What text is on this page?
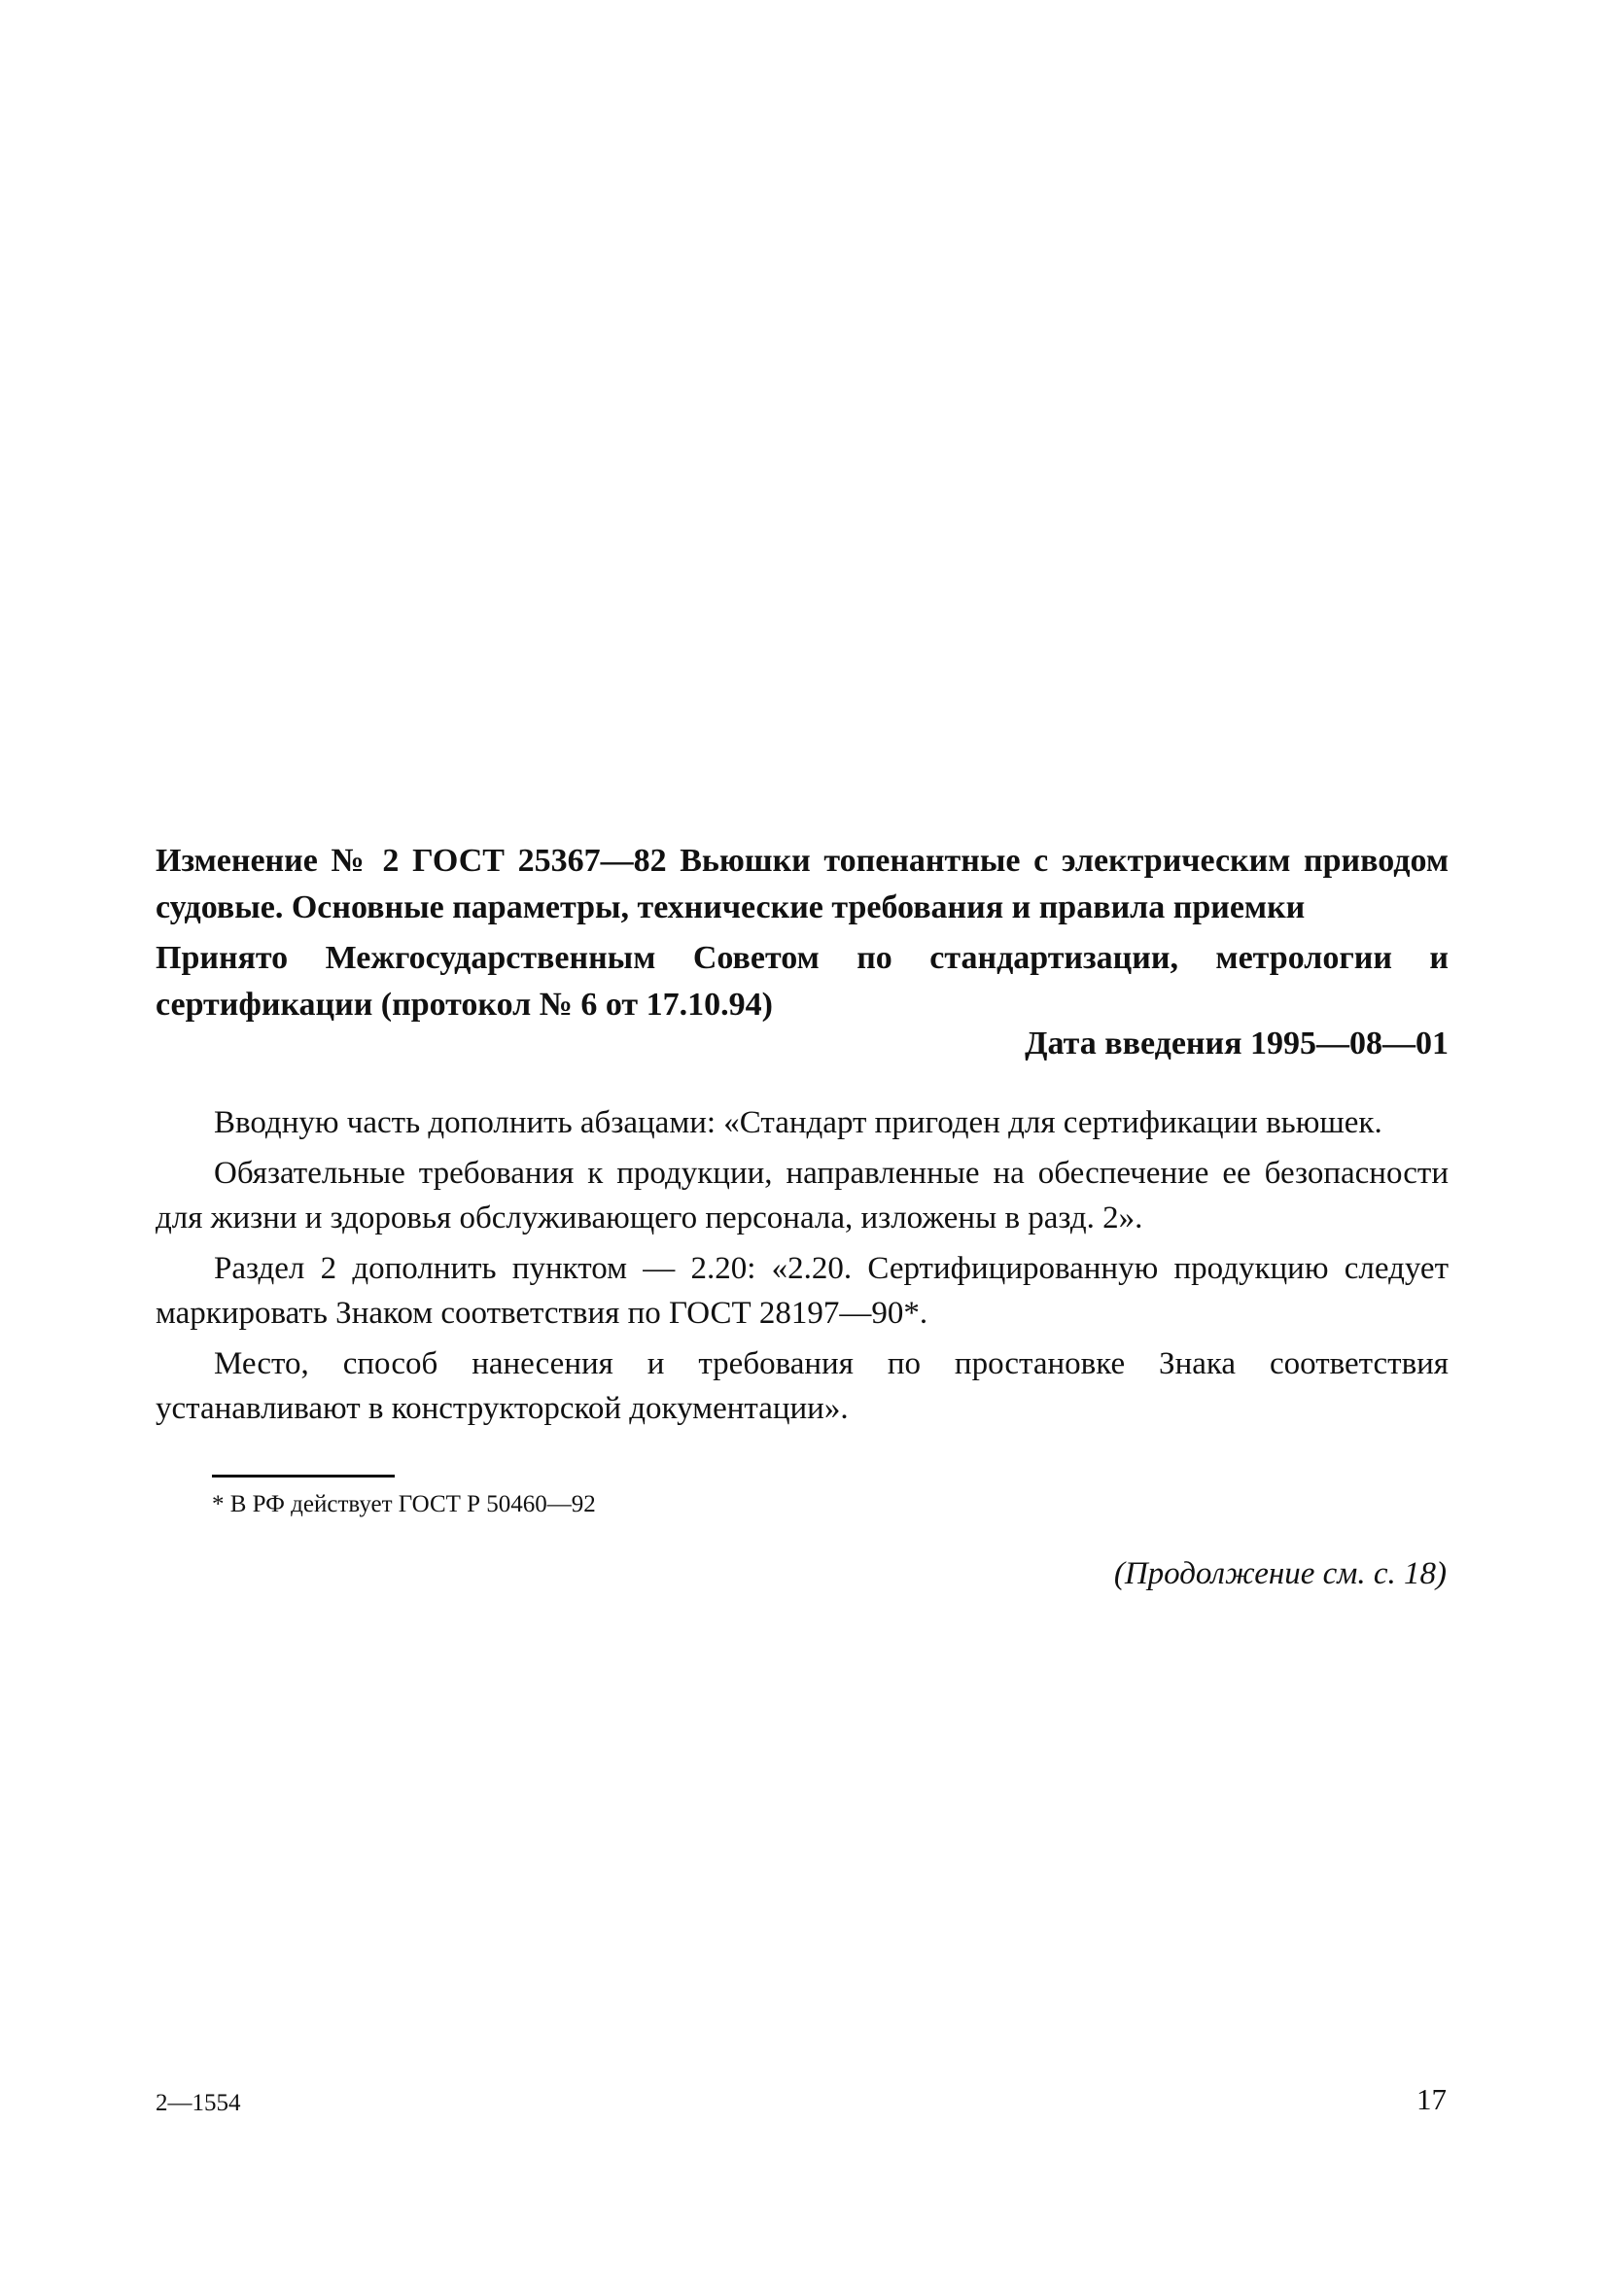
Изменение № 2 ГОСТ 25367—82 Вьюшки топенантные с электрическим приводом судовые. Основные параметры, технические требования и правила приемки
Принято Межгосударственным Советом по стандартизации, метрологии и сертификации (протокол № 6 от 17.10.94)
Дата введения 1995—08—01

Вводную часть дополнить абзацами: «Стандарт пригоден для сертификации вьюшек.

Обязательные требования к продукции, направленные на обеспечение ее безопасности для жизни и здоровья обслуживающего персонала, изложены в разд. 2».

Раздел 2 дополнить пунктом — 2.20: «2.20. Сертифицированную продукцию следует маркировать Знаком соответствия по ГОСТ 28197—90*.

Место, способ нанесения и требования по простановке Знака соответствия устанавливают в конструкторской документации».

* В РФ действует ГОСТ Р 50460—92
(Продолжение см. с. 18)
2—1554	17
